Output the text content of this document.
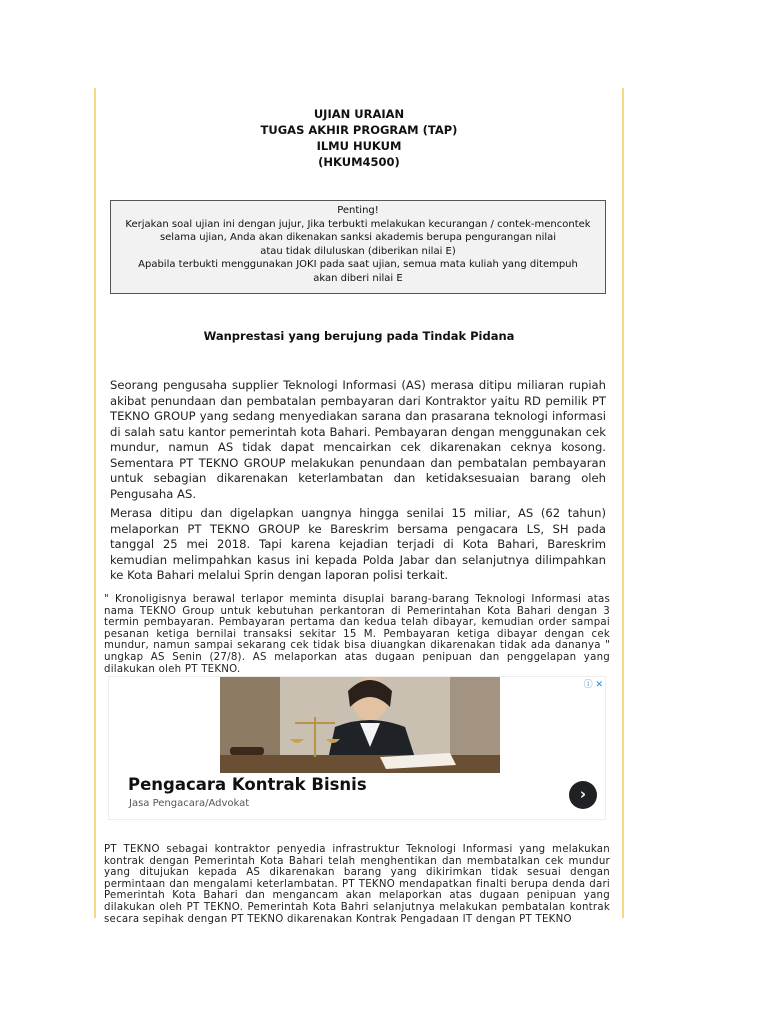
UJIAN URAIAN
TUGAS AKHIR PROGRAM (TAP)
ILMU HUKUM
(HKUM4500)
Penting!
Kerjakan soal ujian ini dengan jujur, Jika terbukti melakukan kecurangan / contek-mencontek
selama ujian, Anda akan dikenakan sanksi akademis berupa pengurangan nilai
atau tidak diluluskan (diberikan nilai E)
Apabila terbukti menggunakan JOKI pada saat ujian, semua mata kuliah yang ditempuh
akan diberi nilai E
Wanprestasi yang berujung pada Tindak Pidana
Seorang pengusaha supplier Teknologi Informasi (AS) merasa ditipu miliaran rupiah akibat penundaan dan pembatalan pembayaran dari Kontraktor yaitu RD pemilik PT TEKNO GROUP yang sedang menyediakan sarana dan prasarana teknologi informasi di salah satu kantor pemerintah kota Bahari. Pembayaran dengan menggunakan cek mundur, namun AS tidak dapat mencairkan cek dikarenakan ceknya kosong. Sementara PT TEKNO GROUP melakukan penundaan dan pembatalan pembayaran untuk sebagian dikarenakan keterlambatan dan ketidaksesuaian barang oleh Pengusaha AS.
Merasa ditipu dan digelapkan uangnya hingga senilai 15 miliar, AS (62 tahun) melaporkan PT TEKNO GROUP ke Bareskrim bersama pengacara LS, SH pada tanggal 25 mei 2018. Tapi karena kejadian terjadi di Kota Bahari, Bareskrim kemudian melimpahkan kasus ini kepada Polda Jabar dan selanjutnya dilimpahkan ke Kota Bahari melalui Sprin dengan laporan polisi terkait.
" Kronoligisnya berawal terlapor meminta disuplai barang-barang Teknologi Informasi atas nama TEKNO Group untuk kebutuhan perkantoran di Pemerintahan Kota Bahari dengan 3 termin pembayaran. Pembayaran pertama dan kedua telah dibayar, kemudian order sampai pesanan ketiga bernilai transaksi sekitar 15 M. Pembayaran ketiga dibayar dengan cek mundur, namun sampai sekarang cek tidak bisa diuangkan dikarenakan tidak ada dananya " ungkap AS Senin (27/8). AS melaporkan atas dugaan penipuan dan penggelapan yang dilakukan oleh PT TEKNO.
ⓘ ✕
Pengacara Kontrak Bisnis
Jasa Pengacara/Advokat
›
PT TEKNO sebagai kontraktor penyedia infrastruktur Teknologi Informasi yang melakukan kontrak dengan Pemerintah Kota Bahari telah menghentikan dan membatalkan cek mundur yang ditujukan kepada AS dikarenakan barang yang dikirimkan tidak sesuai dengan permintaan dan mengalami keterlambatan. PT TEKNO mendapatkan finalti berupa denda dari Pemerintah Kota Bahari dan mengancam akan melaporkan atas dugaan penipuan yang dilakukan oleh PT TEKNO. Pemerintah Kota Bahri selanjutnya melakukan pembatalan kontrak secara sepihak dengan PT TEKNO dikarenakan Kontrak Pengadaan IT dengan PT TEKNO
